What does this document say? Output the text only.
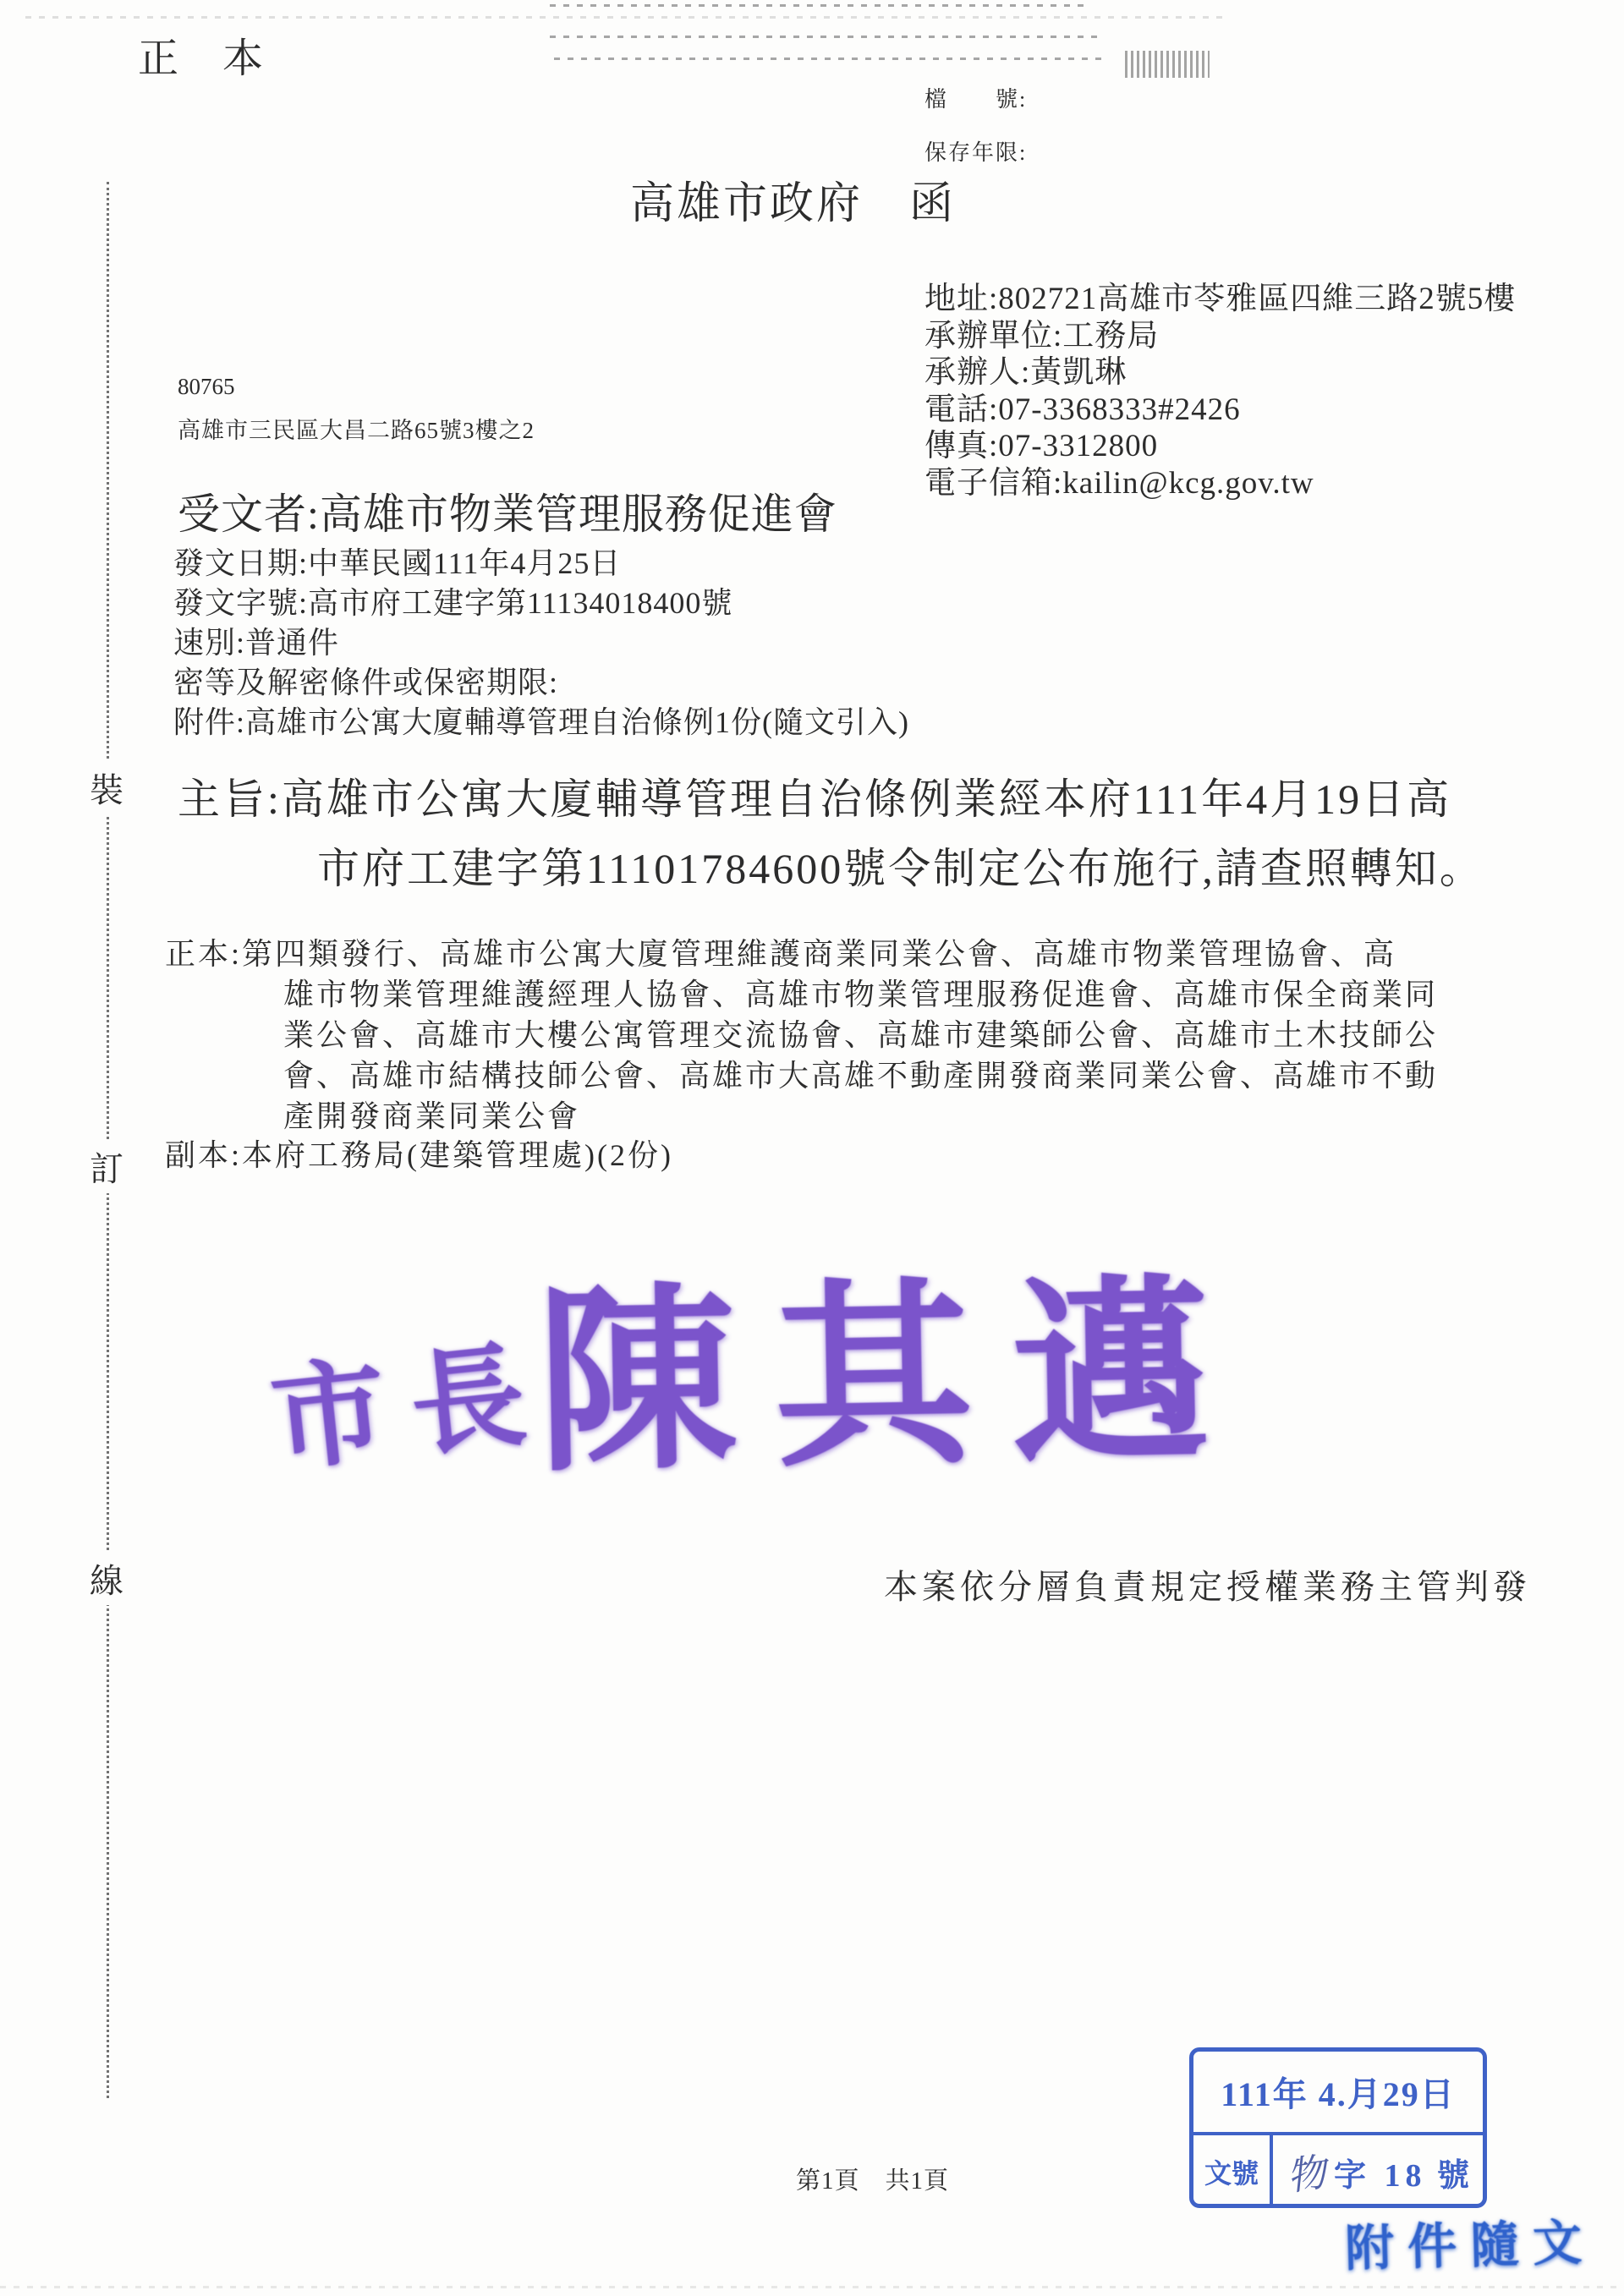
正　本
檔　　號:
保存年限:
高雄市政府　函
地址:802721高雄市苓雅區四維三路2號5樓
承辦單位:工務局
承辦人:黃凱琳
電話:07-3368333#2426
傳真:07-3312800
電子信箱:kailin@kcg.gov.tw
80765
高雄市三民區大昌二路65號3樓之2
受文者:高雄市物業管理服務促進會
發文日期:中華民國111年4月25日
發文字號:高市府工建字第11134018400號
速別:普通件
密等及解密條件或保密期限:
附件:高雄市公寓大廈輔導管理自治條例1份(隨文引入)
主旨:高雄市公寓大廈輔導管理自治條例業經本府111年4月19日高
市府工建字第11101784600號令制定公布施行,請查照轉知。
正本:第四類發行、高雄市公寓大廈管理維護商業同業公會、高雄市物業管理協會、高
雄市物業管理維護經理人協會、高雄市物業管理服務促進會、高雄市保全商業同
業公會、高雄市大樓公寓管理交流協會、高雄市建築師公會、高雄市土木技師公
會、高雄市結構技師公會、高雄市大高雄不動產開發商業同業公會、高雄市不動
產開發商業同業公會
副本:本府工務局(建築管理處)(2份)
市長
陳其邁
本案依分層負責規定授權業務主管判發
裝
訂
線
第1頁　共1頁
111年 4.月29日
文號 物 字 18 號
附件隨文
